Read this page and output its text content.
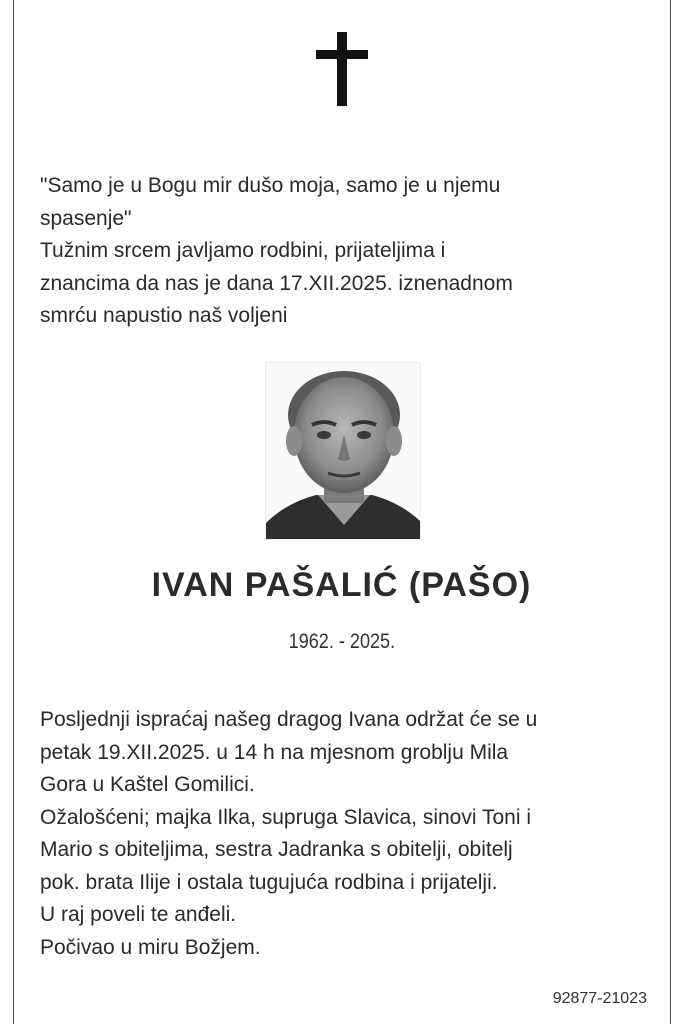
"Samo je u Bogu mir dušo moja, samo je u njemu

spasenje"

Tužnim srcem javljamo rodbini, prijateljima i

znancima da nas je dana 17.XII.2025. iznenadnom

smrću napustio naš voljeni

IVAN PAŠALIĆ (PAŠO)
1962. - 2025.

Posljednji ispraćaj našeg dragog Ivana održat će se u

petak 19.XII.2025. u 14 h na mjesnom groblju Mila

Gora u Kaštel Gomilici.

Ožalošćeni; majka Ilka, supruga Slavica, sinovi Toni i

Mario s obiteljima, sestra Jadranka s obitelji, obitelj

pok. brata Ilije i ostala tugujuća rodbina i prijatelji.

U raj poveli te anđeli.

Počivao u miru Božjem.

92877-21023
